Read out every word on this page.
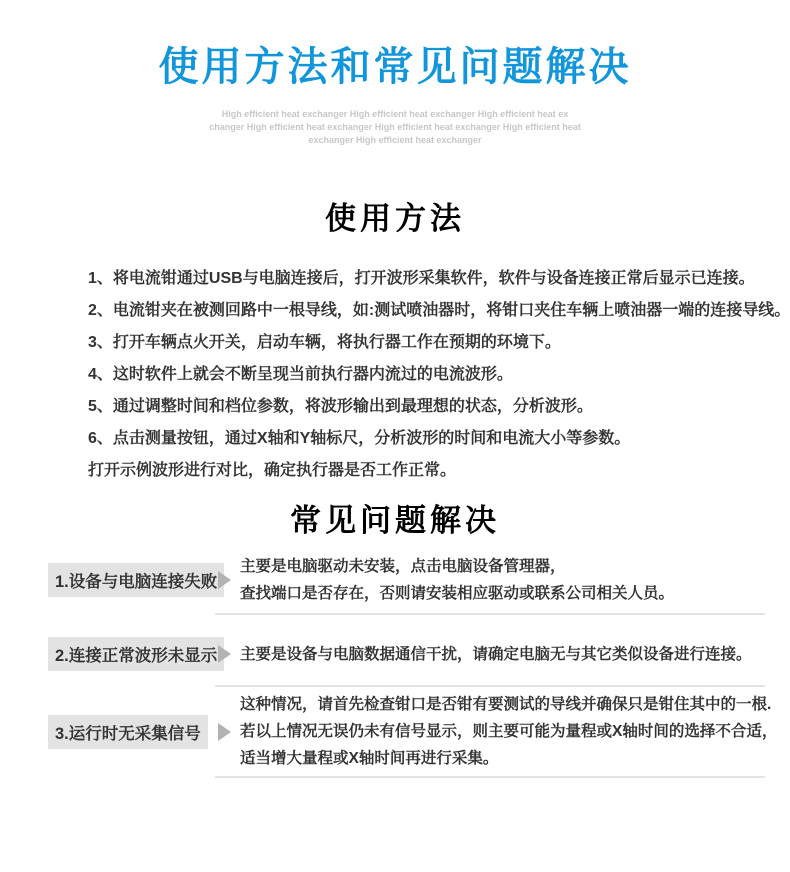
使用方法和常见问题解决
High efficient heat exchanger High efficient heat exchanger High efficient heat ex
changer High efficient heat exchanger High efficient heat exchanger High efficient heat
exchanger High efficient heat exchanger
使用方法
1、将电流钳通过USB与电脑连接后，打开波形采集软件，软件与设备连接正常后显示已连接。
2、电流钳夹在被测回路中一根导线，如:测试喷油器时，将钳口夹住车辆上喷油器一端的连接导线。
3、打开车辆点火开关，启动车辆，将执行器工作在预期的环境下。
4、这时软件上就会不断呈现当前执行器内流过的电流波形。
5、通过调整时间和档位参数，将波形输出到最理想的状态，分析波形。
6、点击测量按钮，通过X轴和Y轴标尺，分析波形的时间和电流大小等参数。
打开示例波形进行对比，确定执行器是否工作正常。
常见问题解决
1.设备与电脑连接失败
主要是电脑驱动未安装，点击电脑设备管理器，
查找端口是否存在，否则请安装相应驱动或联系公司相关人员。
2.连接正常波形未显示 主要是设备与电脑数据通信干扰，请确定电脑无与其它类似设备进行连接。
3.运行时无采集信号
这种情况，请首先检查钳口是否钳有要测试的导线并确保只是钳住其中的一根.
若以上情况无误仍未有信号显示，则主要可能为量程或X轴时间的选择不合适，
适当增大量程或X轴时间再进行采集。
